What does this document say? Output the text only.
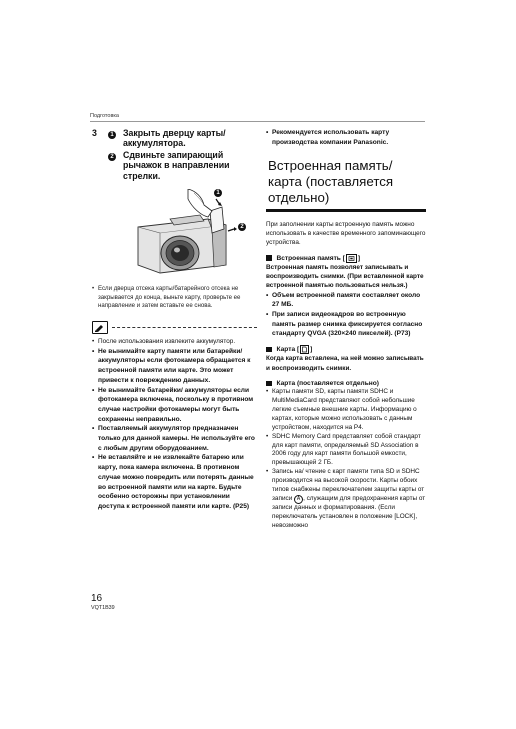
Подготовка
3	1 Закрыть дверцу карты/ аккумулятора.
2 Сдвиньте запирающий рычажок в направлении стрелки.
1
2
• Если дверца отсека карты/батарейного отсека не закрывается до конца, выньте карту, проверьте ее направление и затем вставьте ее снова.
• После использования извлеките аккумулятор.
• Не вынимайте карту памяти или батарейки/аккумуляторы если фотокамера обращается к встроенной памяти или карте. Это может привести к повреждению данных.
• Не вынимайте батарейки/ аккумуляторы если фотокамера включена, поскольку в противном случае настройки фотокамеры могут быть сохранены неправильно.
• Поставляемый аккумулятор предназначен только для данной камеры. Не используйте его с любым другим оборудованием.
• Не вставляйте и не извлекайте батарею или карту, пока камера включена. В противном случае можно повредить или потерять данные во встроенной памяти или на карте. Будьте особенно осторожны при установлении доступа к встроенной памяти или карте. (P25)
16
VQT1B39
• Рекомендуется использовать карту производства компании Panasonic.
Встроенная память/ карта (поставляется отдельно)
При заполнении карты встроенную память можно использовать в качестве временного запоминающего устройства.
Встроенная память [ ]
Встроенная память позволяет записывать и воспроизводить снимки. (При вставленной карте встроенной памятью пользоваться нельзя.)
• Объем встроенной памяти составляет около 27 МБ.
• При записи видеокадров во встроенную память размер снимка фиксируется согласно стандарту QVGA (320×240 пикселей). (P73)
Карта [ ]
Когда карта вставлена, на ней можно записывать и воспроизводить снимки.
Карта (поставляется отдельно)
• Карты памяти SD, карты памяти SDHC и MultiMediaCard представляют собой небольшие легкие съемные внешние карты. Информацию о картах, которые можно использовать с данным устройством, находится на P4.
• SDHC Memory Card представляет собой стандарт для карт памяти, определяемый SD Association в 2006 году для карт памяти большой емкости, превышающей 2 ГБ.
• Запись на/ чтение с карт памяти типа SD и SDHC производится на высокой скорости. Карты обоих типов снабжены переключателем защиты карты от записи A , служащим для предохранения карты от записи данных и форматирования. (Если переключатель установлен в положение [LOCK], невозможно
